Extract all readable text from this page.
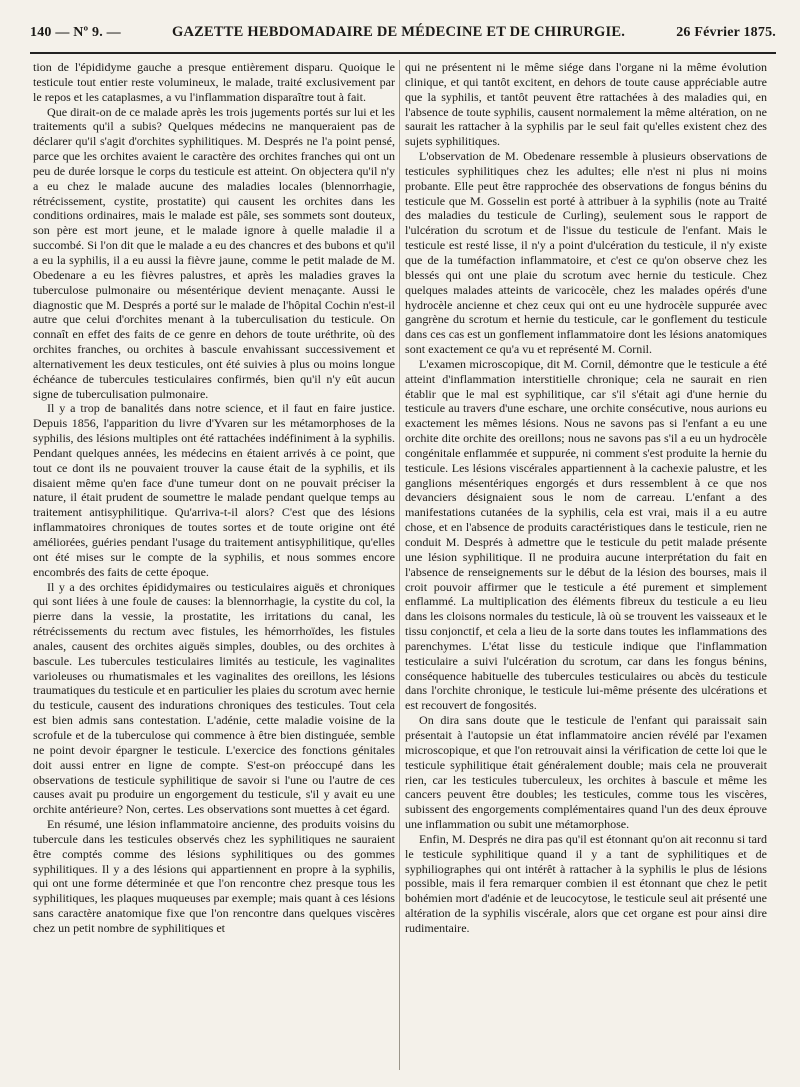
140 — Nº 9. —	GAZETTE HEBDOMADAIRE DE MÉDECINE ET DE CHIRURGIE.	26 Février 1875.

tion de l'épididyme gauche a presque entièrement disparu. Quoique le testicule tout entier reste volumineux, le malade, traité exclusivement par le repos et les cataplasmes, a vu l'inflammation disparaître tout à fait.

Que dirait-on de ce malade après les trois jugements portés sur lui et les traitements qu'il a subis? Quelques médecins ne manqueraient pas de déclarer qu'il s'agit d'orchites syphilitiques. M. Després ne l'a point pensé, parce que les orchites avaient le caractère des orchites franches qui ont un peu de durée lorsque le corps du testicule est atteint. On objectera qu'il n'y a eu chez le malade aucune des maladies locales (blennorrhagie, rétrécissement, cystite, prostatite) qui causent les orchites dans les conditions ordinaires, mais le malade est pâle, ses sommets sont douteux, son père est mort jeune, et le malade ignore à quelle maladie il a succombé. Si l'on dit que le malade a eu des chancres et des bubons et qu'il a eu la syphilis, il a eu aussi la fièvre jaune, comme le petit malade de M. Obedenare a eu les fièvres palustres, et après les maladies graves la tuberculose pulmonaire ou mésentérique devient menaçante. Aussi le diagnostic que M. Després a porté sur le malade de l'hôpital Cochin n'est-il autre que celui d'orchites menant à la tuberculisation du testicule. On connaît en effet des faits de ce genre en dehors de toute uréthrite, où des orchites franches, ou orchites à bascule envahissant successivement et alternativement les deux testicules, ont été suivies à plus ou moins longue échéance de tubercules testiculaires confirmés, bien qu'il n'y eût aucun signe de tuberculisation pulmonaire.

Il y a trop de banalités dans notre science, et il faut en faire justice. Depuis 1856, l'apparition du livre d'Yvaren sur les métamorphoses de la syphilis, des lésions multiples ont été rattachées indéfiniment à la syphilis. Pendant quelques années, les médecins en étaient arrivés à ce point, que tout ce dont ils ne pouvaient trouver la cause était de la syphilis, et ils disaient même qu'en face d'une tumeur dont on ne pouvait préciser la nature, il était prudent de soumettre le malade pendant quelque temps au traitement antisyphilitique. Qu'arriva-t-il alors? C'est que des lésions inflammatoires chroniques de toutes sortes et de toute origine ont été améliorées, guéries pendant l'usage du traitement antisyphilitique, qu'elles ont été mises sur le compte de la syphilis, et nous sommes encore encombrés des faits de cette époque.

Il y a des orchites épididymaires ou testiculaires aiguës et chroniques qui sont liées à une foule de causes: la blennorrhagie, la cystite du col, la pierre dans la vessie, la prostatite, les irritations du canal, les rétrécissements du rectum avec fistules, les hémorrhoïdes, les fistules anales, causent des orchites aiguës simples, doubles, ou des orchites à bascule. Les tubercules testiculaires limités au testicule, les vaginalites varioleuses ou rhumatismales et les vaginalites des oreillons, les lésions traumatiques du testicule et en particulier les plaies du scrotum avec hernie du testicule, causent des indurations chroniques des testicules. Tout cela est bien admis sans contestation. L'adénie, cette maladie voisine de la scrofule et de la tuberculose qui commence à être bien distinguée, semble ne point devoir épargner le testicule. L'exercice des fonctions génitales doit aussi entrer en ligne de compte. S'est-on préoccupé dans les observations de testicule syphilitique de savoir si l'une ou l'autre de ces causes avait pu produire un engorgement du testicule, s'il y avait eu une orchite antérieure? Non, certes. Les observations sont muettes à cet égard.

En résumé, une lésion inflammatoire ancienne, des produits voisins du tubercule dans les testicules observés chez les syphilitiques ne sauraient être comptés comme des lésions syphilitiques ou des gommes syphilitiques. Il y a des lésions qui appartiennent en propre à la syphilis, qui ont une forme déterminée et que l'on rencontre chez presque tous les syphilitiques, les plaques muqueuses par exemple; mais quant à ces lésions sans caractère anatomique fixe que l'on rencontre dans quelques viscères chez un petit nombre de syphilitiques et

qui ne présentent ni le même siége dans l'organe ni la même évolution clinique, et qui tantôt excitent, en dehors de toute cause appréciable autre que la syphilis, et tantôt peuvent être rattachées à des maladies qui, en l'absence de toute syphilis, causent normalement la même altération, on ne saurait les rattacher à la syphilis par le seul fait qu'elles existent chez des sujets syphilitiques.

L'observation de M. Obedenare ressemble à plusieurs observations de testicules syphilitiques chez les adultes; elle n'est ni plus ni moins probante. Elle peut être rapprochée des observations de fongus bénins du testicule que M. Gosselin est porté à attribuer à la syphilis (note au Traité des maladies du testicule de Curling), seulement sous le rapport de l'ulcération du scrotum et de l'issue du testicule de l'enfant. Mais le testicule est resté lisse, il n'y a point d'ulcération du testicule, il n'y existe que de la tuméfaction inflammatoire, et c'est ce qu'on observe chez les blessés qui ont une plaie du scrotum avec hernie du testicule. Chez quelques malades atteints de varicocèle, chez les malades opérés d'une hydrocèle ancienne et chez ceux qui ont eu une hydrocèle suppurée avec gangrène du scrotum et hernie du testicule, car le gonflement du testicule dans ces cas est un gonflement inflammatoire dont les lésions anatomiques sont exactement ce qu'a vu et représenté M. Cornil.

L'examen microscopique, dit M. Cornil, démontre que le testicule a été atteint d'inflammation interstitielle chronique; cela ne saurait en rien établir que le mal est syphilitique, car s'il s'était agi d'une hernie du testicule au travers d'une eschare, une orchite consécutive, nous aurions eu exactement les mêmes lésions. Nous ne savons pas si l'enfant a eu une orchite dite orchite des oreillons; nous ne savons pas s'il a eu un hydrocèle congénitale enflammée et suppurée, ni comment s'est produite la hernie du testicule. Les lésions viscérales appartiennent à la cachexie palustre, et les ganglions mésentériques engorgés et durs ressemblent à ce que nos devanciers désignaient sous le nom de carreau. L'enfant a des manifestations cutanées de la syphilis, cela est vrai, mais il a eu autre chose, et en l'absence de produits caractéristiques dans le testicule, rien ne conduit M. Després à admettre que le testicule du petit malade présente une lésion syphilitique. Il ne produira aucune interprétation du fait en l'absence de renseignements sur le début de la lésion des bourses, mais il croit pouvoir affirmer que le testicule a été purement et simplement enflammé. La multiplication des éléments fibreux du testicule a eu lieu dans les cloisons normales du testicule, là où se trouvent les vaisseaux et le tissu conjonctif, et cela a lieu de la sorte dans toutes les inflammations des parenchymes. L'état lisse du testicule indique que l'inflammation testiculaire a suivi l'ulcération du scrotum, car dans les fongus bénins, conséquence habituelle des tubercules testiculaires ou abcès du testicule dans l'orchite chronique, le testicule lui-même présente des ulcérations et est recouvert de fongosités.

On dira sans doute que le testicule de l'enfant qui paraissait sain présentait à l'autopsie un état inflammatoire ancien révélé par l'examen microscopique, et que l'on retrouvait ainsi la vérification de cette loi que le testicule syphilitique était généralement double; mais cela ne prouverait rien, car les testicules tuberculeux, les orchites à bascule et même les cancers peuvent être doubles; les testicules, comme tous les viscères, subissent des engorgements complémentaires quand l'un des deux éprouve une inflammation ou subit une métamorphose.

Enfin, M. Després ne dira pas qu'il est étonnant qu'on ait reconnu si tard le testicule syphilitique quand il y a tant de syphilitiques et de syphiliographes qui ont intérêt à rattacher à la syphilis le plus de lésions possible, mais il fera remarquer combien il est étonnant que chez le petit bohémien mort d'adénie et de leucocytose, le testicule seul ait présenté une altération de la syphilis viscérale, alors que cet organe est pour ainsi dire rudimentaire.
